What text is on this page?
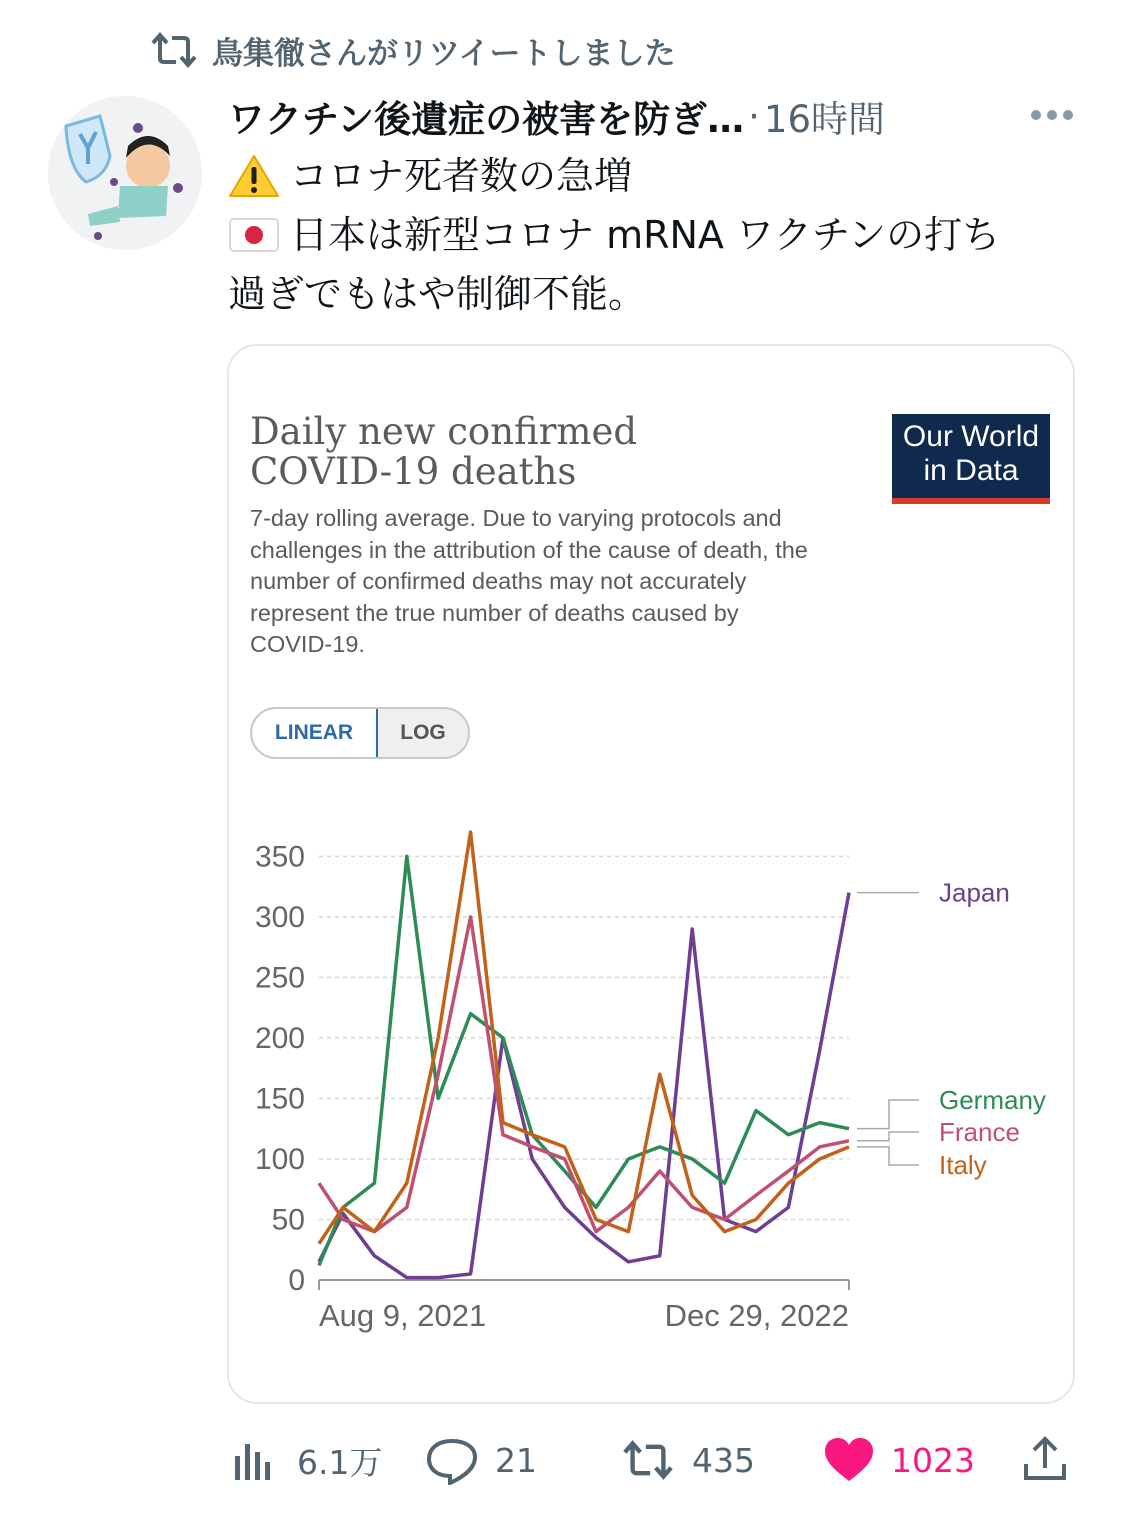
鳥集徹さんがリツイートしました
ワクチン後遺症の被害を防ぎ… · 16時間
コロナ死者数の急増
日本は新型コロナ mRNA ワクチンの打ち
過ぎでもはや制御不能。
Daily new confirmed
COVID-19 deaths
7-day rolling average. Due to varying protocols and challenges in the attribution of the cause of death, the number of confirmed deaths may not accurately represent the true number of deaths caused by COVID-19.
Our World
in Data
LINEAR	LOG
0
50
100
150
200
250
300
350
Aug 9, 2021	Dec 29, 2022
Japan
Germany
France
Italy
6.1万	21	435	1023
